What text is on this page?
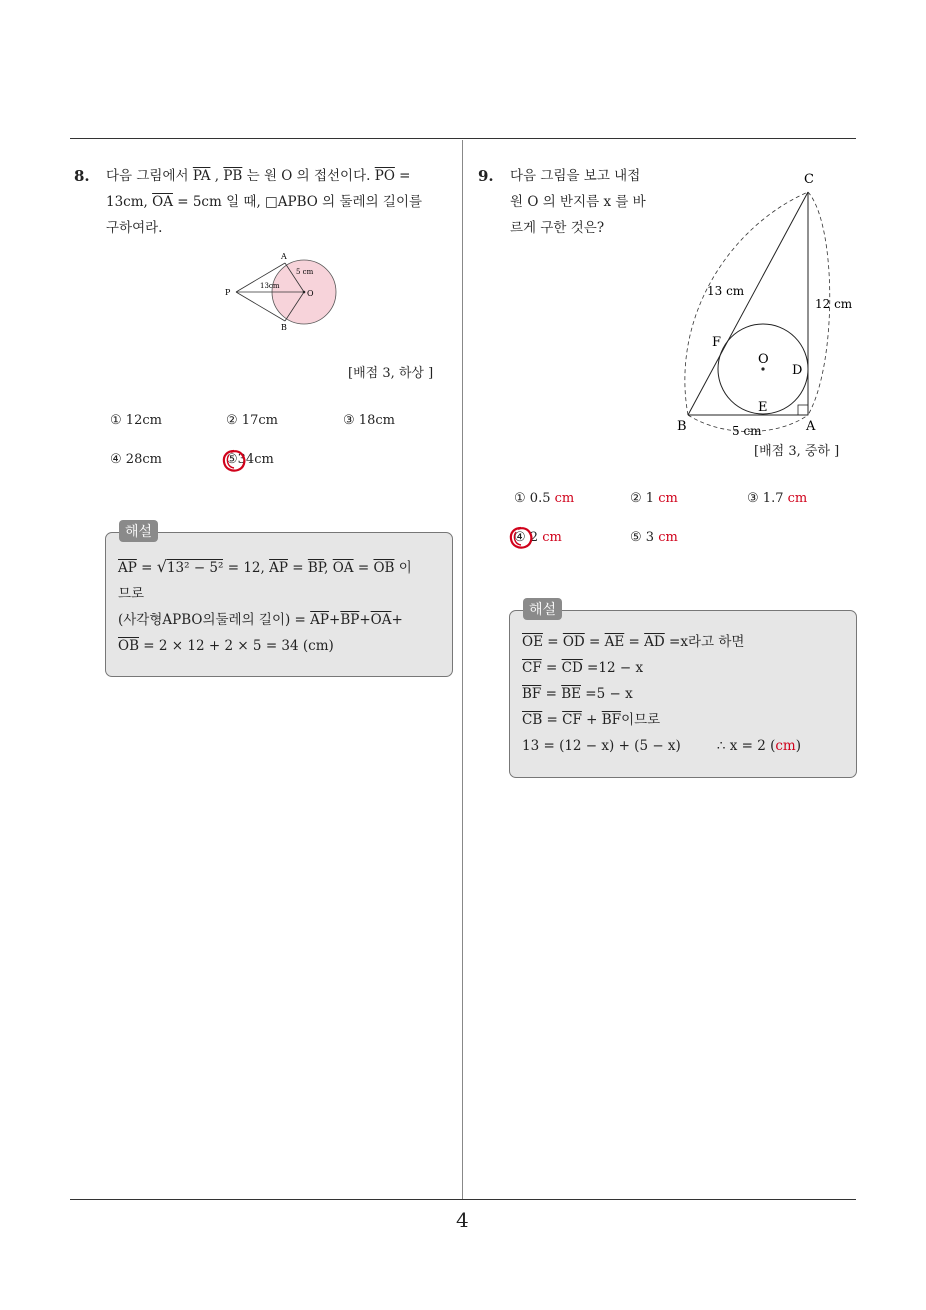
4
8. 다음 그림에서 $\overline{PA}$ , $\overline{PB}$ 는 원 O 의 접선이다. $\overline{PO}$ =
13cm, $\overline{OA} = 5cm$ 일 때, □APBO 의 둘레의 길이를
구하여라.
A
B
P	O
5 cm
13cm
[배점 3, 하상 ]
① 12cm	② 17cm	③ 18cm
④ 28cm	⑤34cm
해설
$\overline{AP} = √13^2 - 5^2 = 12$, $\overline{AP} = \overline{BP}$, $\overline{OA} = \overline{OB}$ 이
므로
(사각형APBO의둘레의 길이) = $\overline{AP}+\overline{BP}+\overline{OA}+$
$\overline{OB} = 2 \times 12 + 2 \times 5 = 34$ (cm)
9. 다음 그림을 보고 내접
원 O 의 반지름 x 를 바
르게 구한 것은?
C
B	A
D
E
F
O
13 cm
12 cm
5 cm
[배점 3, 중하 ]
① 0.5 cm	② 1 cm	③ 1.7 cm
④ 2 cm	⑤ 3 cm
해설
$\overline{OE} = \overline{OD} = \overline{AE} = \overline{AD} =x$라고 하면
$\overline{CF} = \overline{CD} =12 - x$
$\overline{BF} = \overline{BE} =5 - x$
$\overline{CB} = \overline{CF} + \overline{BF}$이므로
13 = (12 − x) + (5 − x)	∴ x = 2 (cm)
